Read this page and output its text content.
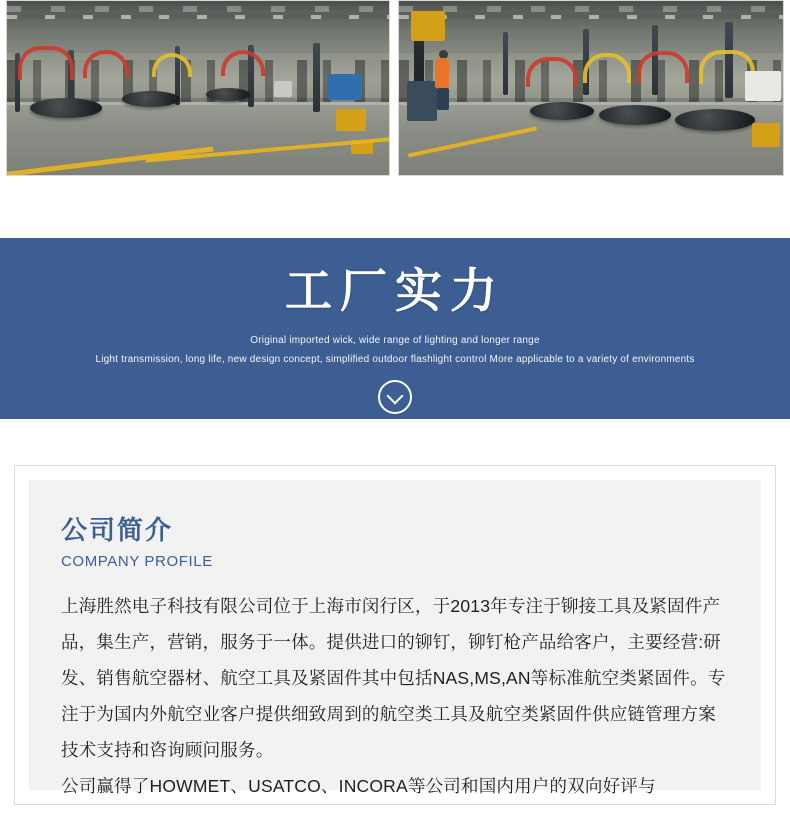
工厂实力
Original imported wick, wide range of lighting and longer range
Light transmission, long life, new design concept, simplified outdoor flashlight control More applicable to a variety of environments
公司简介
COMPANY PROFILE

上海胜然电子科技有限公司位于上海市闵行区，于2013年专注于铆接工具及紧固件产品，集生产，营销，服务于一体。提供进口的铆钉，铆钉枪产品给客户，主要经营:研发、销售航空器材、航空工具及紧固件其中包括NAS,MS,AN等标准航空类紧固件。专注于为国内外航空业客户提供细致周到的航空类工具及航空类紧固件供应链管理方案技术支持和咨询顾问服务。

公司赢得了HOWMET、USATCO、INCORA等公司和国内用户的双向好评与
